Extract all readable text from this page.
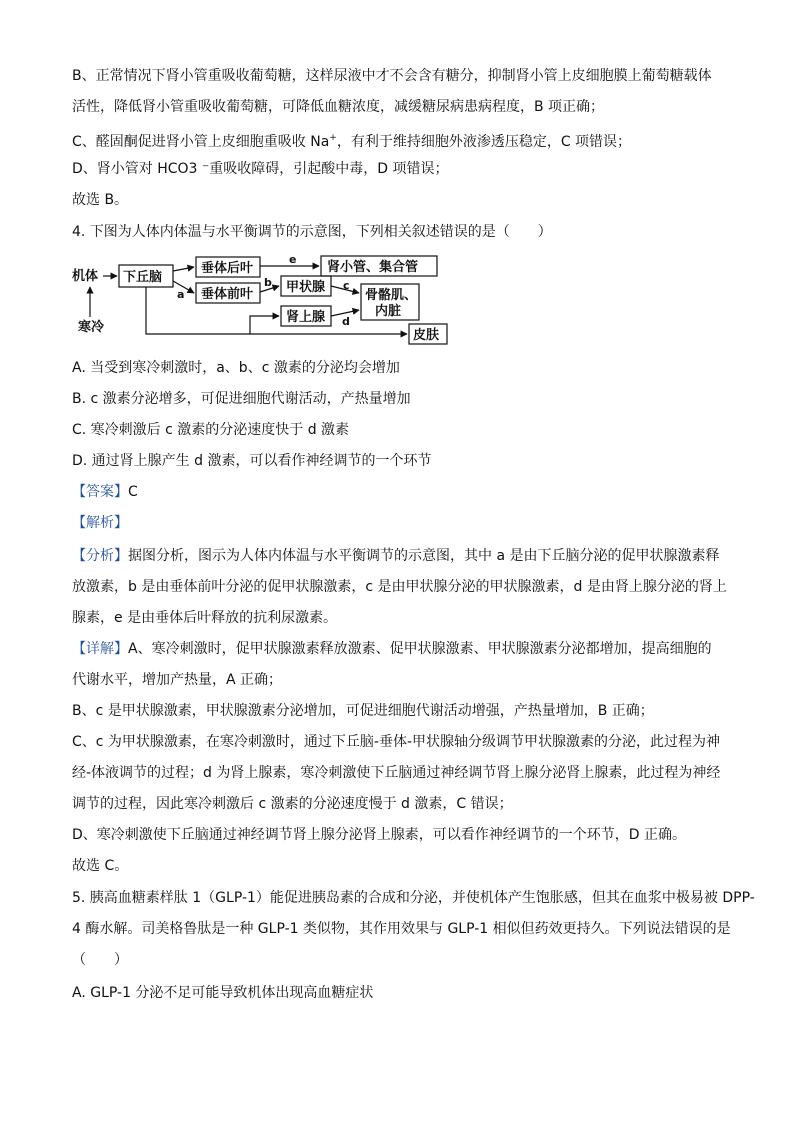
B、正常情况下肾小管重吸收葡萄糖，这样尿液中才不会含有糖分，抑制肾小管上皮细胞膜上葡萄糖载体
活性，降低肾小管重吸收葡萄糖，可降低血糖浓度，减缓糖尿病患病程度，B 项正确；
C、醛固酮促进肾小管上皮细胞重吸收 Na+，有利于维持细胞外液渗透压稳定，C 项错误；
D、肾小管对 HCO3 ⁻重吸收障碍，引起酸中毒，D 项错误；
故选 B。
4. 下图为人体内体温与水平衡调节的示意图，下列相关叙述错误的是（　　）
机体
寒冷
下丘脑
垂体后叶
垂体前叶
肾小管、集合管
甲状腺
肾上腺
骨骼肌、
内脏
皮肤
a
b	c
d
e
A. 当受到寒冷刺激时，a、b、c 激素的分泌均会增加
B. c 激素分泌增多，可促进细胞代谢活动，产热量增加
C. 寒冷刺激后 c 激素的分泌速度快于 d 激素
D. 通过肾上腺产生 d 激素，可以看作神经调节的一个环节
【答案】C
【解析】
【分析】据图分析，图示为人体内体温与水平衡调节的示意图，其中 a 是由下丘脑分泌的促甲状腺激素释
放激素，b 是由垂体前叶分泌的促甲状腺激素，c 是由甲状腺分泌的甲状腺激素，d 是由肾上腺分泌的肾上
腺素，e 是由垂体后叶释放的抗利尿激素。
【详解】A、寒冷刺激时，促甲状腺激素释放激素、促甲状腺激素、甲状腺激素分泌都增加，提高细胞的
代谢水平，增加产热量，A 正确；
B、c 是甲状腺激素，甲状腺激素分泌增加，可促进细胞代谢活动增强，产热量增加，B 正确；
C、c 为甲状腺激素，在寒冷刺激时，通过下丘脑-垂体-甲状腺轴分级调节甲状腺激素的分泌，此过程为神
经-体液调节的过程；d 为肾上腺素，寒冷刺激使下丘脑通过神经调节肾上腺分泌肾上腺素，此过程为神经
调节的过程，因此寒冷刺激后 c 激素的分泌速度慢于 d 激素，C 错误；
D、寒冷刺激使下丘脑通过神经调节肾上腺分泌肾上腺素，可以看作神经调节的一个环节，D 正确。
故选 C。
5. 胰高血糖素样肽 1（GLP-1）能促进胰岛素的合成和分泌，并使机体产生饱胀感，但其在血浆中极易被 DPP-
4 酶水解。司美格鲁肽是一种 GLP-1 类似物，其作用效果与 GLP-1 相似但药效更持久。下列说法错误的是
（　　）
A. GLP-1 分泌不足可能导致机体出现高血糖症状
